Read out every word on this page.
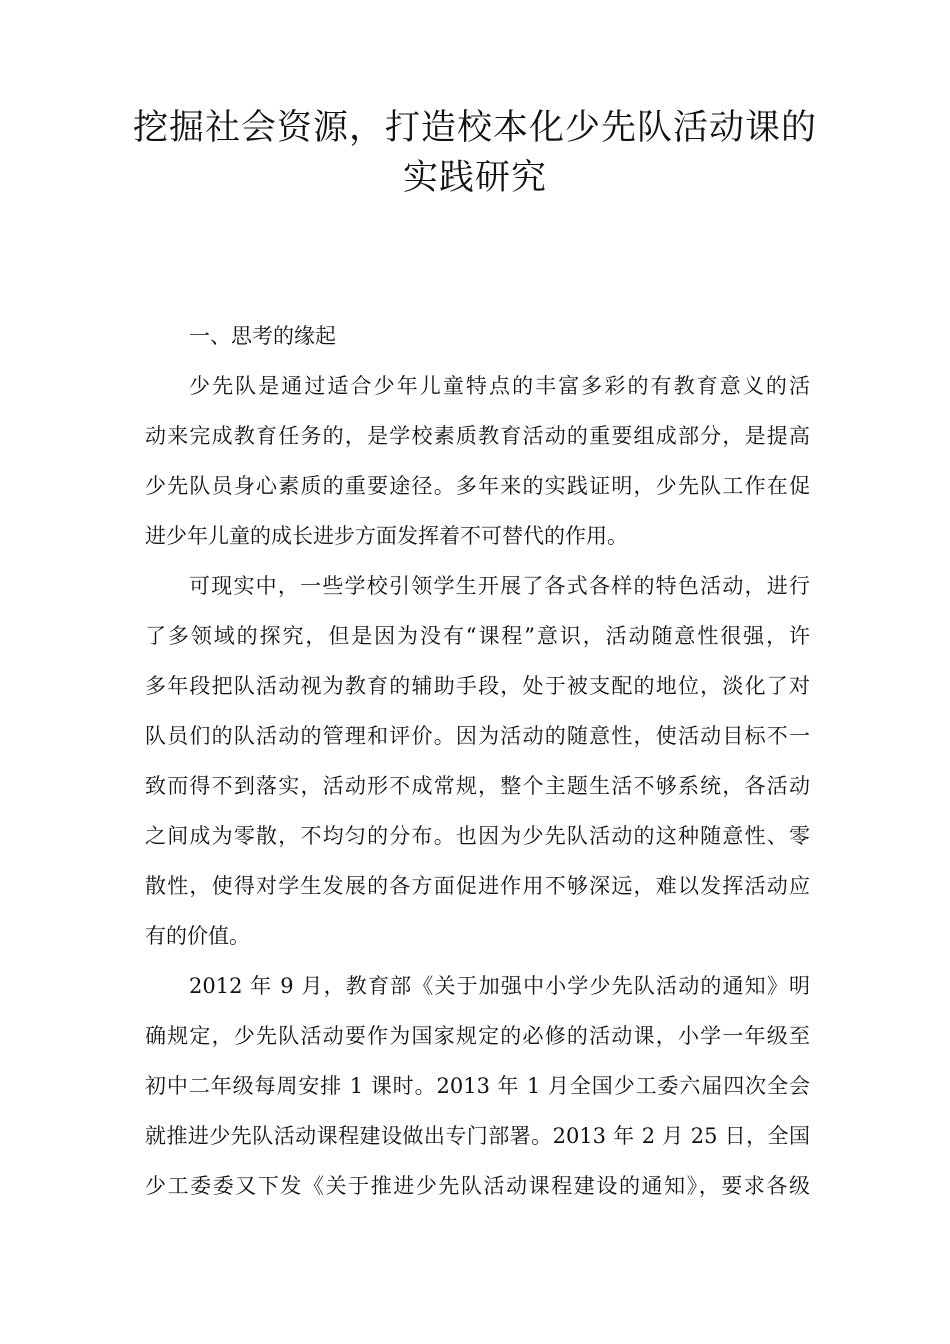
挖掘社会资源，打造校本化少先队活动课的
实践研究
一、思考的缘起
少先队是通过适合少年儿童特点的丰富多彩的有教育意义的活
动来完成教育任务的，是学校素质教育活动的重要组成部分，是提高
少先队员身心素质的重要途径。多年来的实践证明，少先队工作在促
进少年儿童的成长进步方面发挥着不可替代的作用。
可现实中，一些学校引领学生开展了各式各样的特色活动，进行
了多领域的探究，但是因为没有“课程”意识，活动随意性很强，许
多年段把队活动视为教育的辅助手段，处于被支配的地位，淡化了对
队员们的队活动的管理和评价。因为活动的随意性，使活动目标不一
致而得不到落实，活动形不成常规，整个主题生活不够系统，各活动
之间成为零散，不均匀的分布。也因为少先队活动的这种随意性、零
散性，使得对学生发展的各方面促进作用不够深远，难以发挥活动应
有的价值。
2012 年 9 月，教育部《关于加强中小学少先队活动的通知》明
确规定，少先队活动要作为国家规定的必修的活动课，小学一年级至
初中二年级每周安排 1 课时。2013 年 1 月全国少工委六届四次全会
就推进少先队活动课程建设做出专门部署。2013 年 2 月 25 日，全国
少工委委又下发《关于推进少先队活动课程建设的通知》，要求各级
